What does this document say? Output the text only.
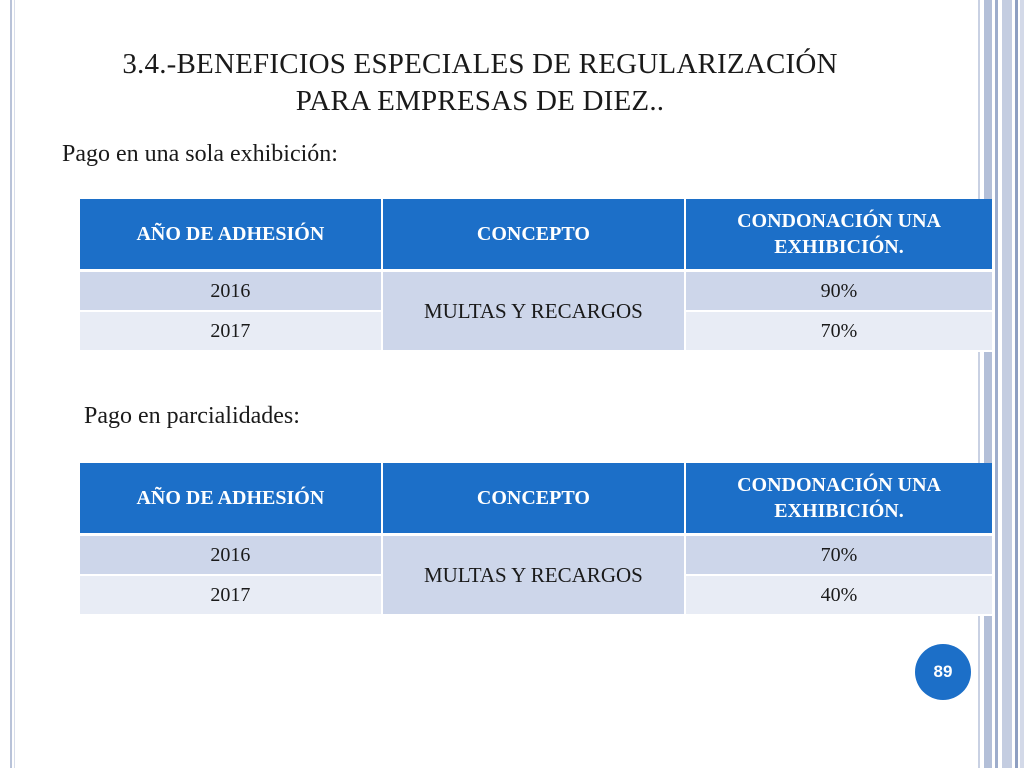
3.4.-BENEFICIOS ESPECIALES DE REGULARIZACIÓN
PARA EMPRESAS DE DIEZ..
Pago en una sola exhibición:
AÑO DE ADHESIÓN	CONCEPTO	CONDONACIÓN UNA EXHIBICIÓN.
2016	MULTAS Y RECARGOS	90%
2017		70%
Pago en parcialidades:
AÑO DE ADHESIÓN	CONCEPTO	CONDONACIÓN UNA EXHIBICIÓN.
2016	MULTAS Y RECARGOS	70%
2017		40%
89
